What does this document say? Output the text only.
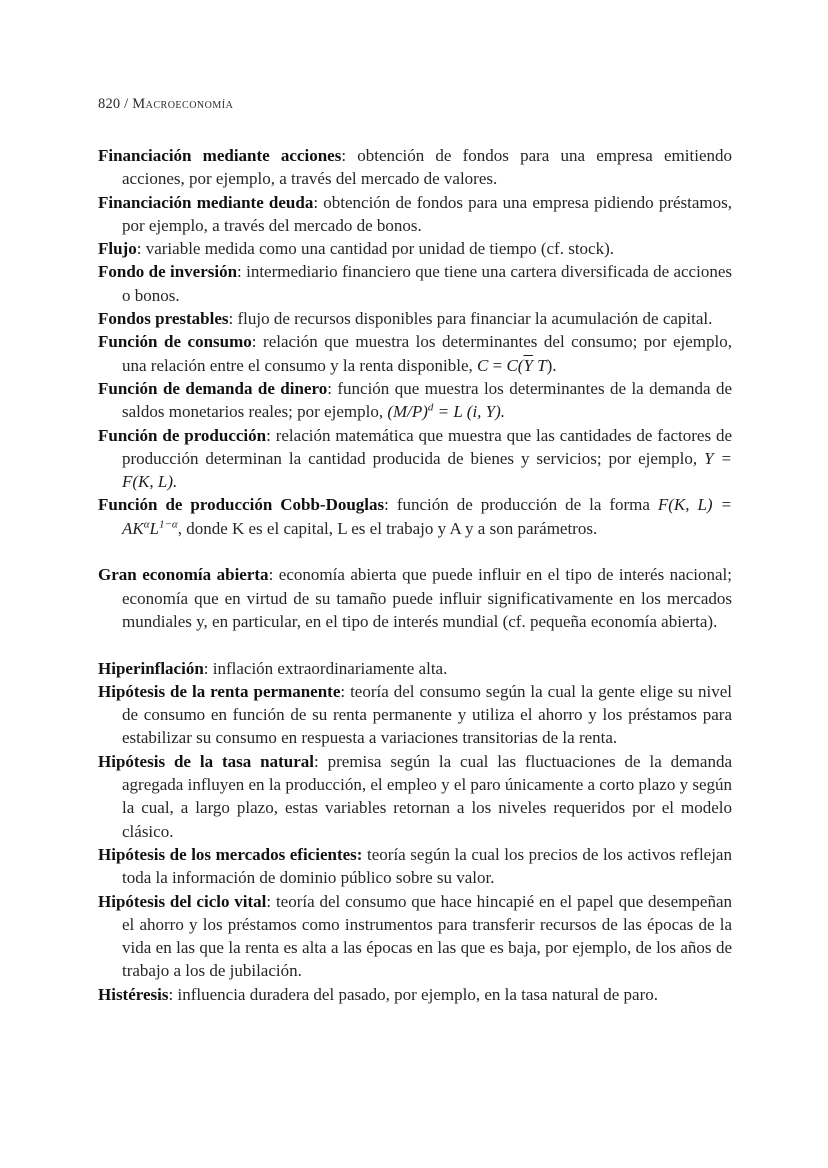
820 / Macroeconomía

Financiación mediante acciones: obtención de fondos para una empresa emitiendo acciones, por ejemplo, a través del mercado de valores.

Financiación mediante deuda: obtención de fondos para una empresa pidiendo préstamos, por ejemplo, a través del mercado de bonos.

Flujo: variable medida como una cantidad por unidad de tiempo (cf. stock).

Fondo de inversión: intermediario financiero que tiene una cartera diversificada de acciones o bonos.

Fondos prestables: flujo de recursos disponibles para financiar la acumulación de capital.

Función de consumo: relación que muestra los determinantes del consumo; por ejemplo, una relación entre el consumo y la renta disponible, $C = C(\overline{Y}$ T).

Función de demanda de dinero: función que muestra los determinantes de la demanda de saldos monetarios reales; por ejemplo, $(M/P)^d = L$ (i, Y).

Función de producción: relación matemática que muestra que las cantidades de factores de producción determinan la cantidad producida de bienes y servicios; por ejemplo, Y = F(K, L).

Función de producción Cobb-Douglas: función de producción de la forma F(K, $L) = AK^\alpha L^{1-\alpha}$, donde K es el capital, L es el trabajo y A y a son parámetros.

Gran economía abierta: economía abierta que puede influir en el tipo de interés nacional; economía que en virtud de su tamaño puede influir significativamente en los mercados mundiales y, en particular, en el tipo de interés mundial (cf. pequeña economía abierta).

Hiperinflación: inflación extraordinariamente alta.

Hipótesis de la renta permanente: teoría del consumo según la cual la gente elige su nivel de consumo en función de su renta permanente y utiliza el ahorro y los préstamos para estabilizar su consumo en respuesta a variaciones transitorias de la renta.

Hipótesis de la tasa natural: premisa según la cual las fluctuaciones de la demanda agregada influyen en la producción, el empleo y el paro únicamente a corto plazo y según la cual, a largo plazo, estas variables retornan a los niveles requeridos por el modelo clásico.

Hipótesis de los mercados eficientes: teoría según la cual los precios de los activos reflejan toda la información de dominio público sobre su valor.

Hipótesis del ciclo vital: teoría del consumo que hace hincapié en el papel que desempeñan el ahorro y los préstamos como instrumentos para transferir recursos de las épocas de la vida en las que la renta es alta a las épocas en las que es baja, por ejemplo, de los años de trabajo a los de jubilación.

Histéresis: influencia duradera del pasado, por ejemplo, en la tasa natural de paro.
